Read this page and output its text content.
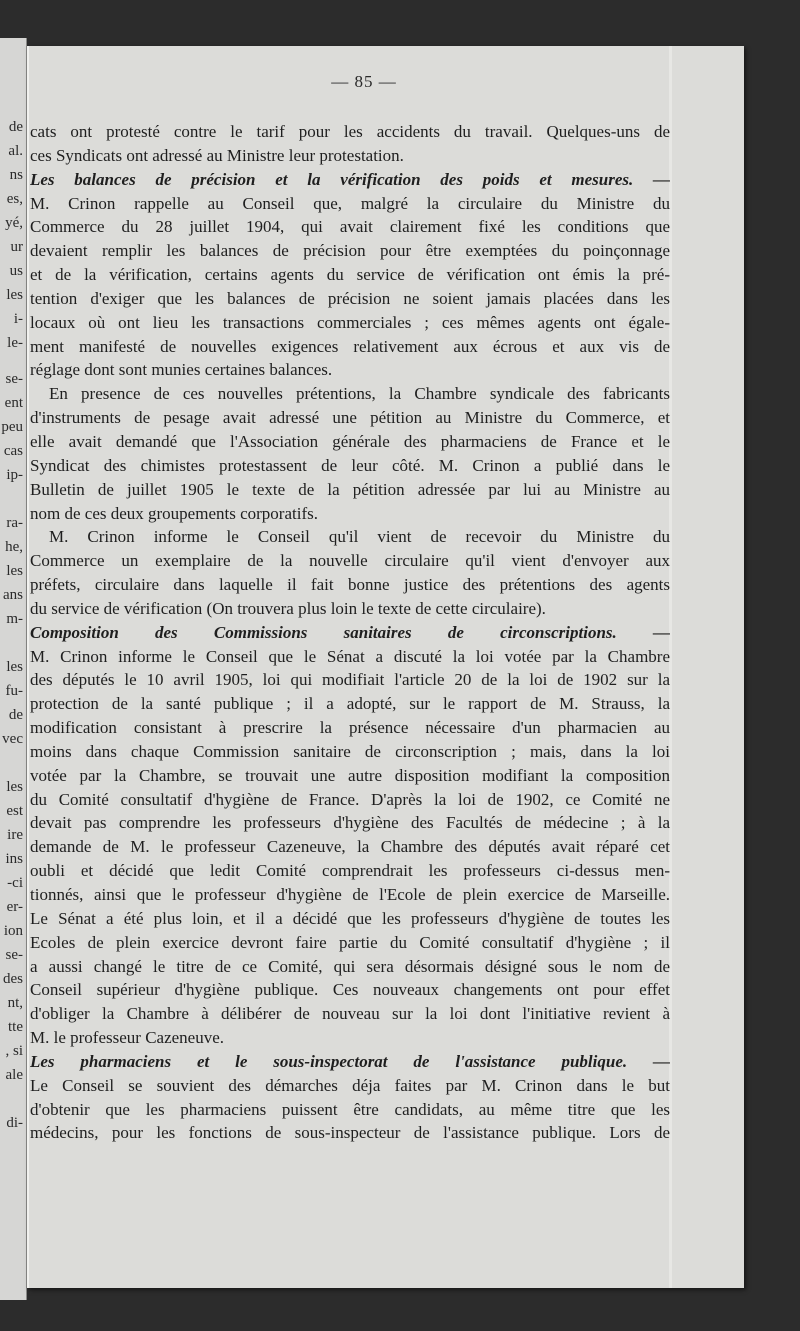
de
al.
ns
es,
yé,
ur
us
les
i-
le-
se-
ent
peu
cas
ip-
ra-
he,
les
ans
m-
les
fu-
de
vec
les
est
ire
ins
-ci
er-
ion
se-
des
nt,
tte
, si
ale
di-
— 85 —
cats ont protesté contre le tarif pour les accidents du travail. Quelques-uns de
ces Syndicats ont adressé au Ministre leur protestation.
Les balances de précision et la vérification des poids et mesures. —
M. Crinon rappelle au Conseil que, malgré la circulaire du Ministre du
Commerce du 28 juillet 1904, qui avait clairement fixé les conditions que
devaient remplir les balances de précision pour être exemptées du poinçonnage
et de la vérification, certains agents du service de vérification ont émis la pré-
tention d'exiger que les balances de précision ne soient jamais placées dans les
locaux où ont lieu les transactions commerciales ; ces mêmes agents ont égale-
ment manifesté de nouvelles exigences relativement aux écrous et aux vis de
réglage dont sont munies certaines balances.
En presence de ces nouvelles prétentions, la Chambre syndicale des fabricants
d'instruments de pesage avait adressé une pétition au Ministre du Commerce, et
elle avait demandé que l'Association générale des pharmaciens de France et le
Syndicat des chimistes protestassent de leur côté. M. Crinon a publié dans le
Bulletin de juillet 1905 le texte de la pétition adressée par lui au Ministre au
nom de ces deux groupements corporatifs.
M. Crinon informe le Conseil qu'il vient de recevoir du Ministre du
Commerce un exemplaire de la nouvelle circulaire qu'il vient d'envoyer aux
préfets, circulaire dans laquelle il fait bonne justice des prétentions des agents
du service de vérification (On trouvera plus loin le texte de cette circulaire).
Composition des Commissions sanitaires de circonscriptions. —
M. Crinon informe le Conseil que le Sénat a discuté la loi votée par la Chambre
des députés le 10 avril 1905, loi qui modifiait l'article 20 de la loi de 1902 sur la
protection de la santé publique ; il a adopté, sur le rapport de M. Strauss, la
modification consistant à prescrire la présence nécessaire d'un pharmacien au
moins dans chaque Commission sanitaire de circonscription ; mais, dans la loi
votée par la Chambre, se trouvait une autre disposition modifiant la composition
du Comité consultatif d'hygiène de France. D'après la loi de 1902, ce Comité ne
devait pas comprendre les professeurs d'hygiène des Facultés de médecine ; à la
demande de M. le professeur Cazeneuve, la Chambre des députés avait réparé cet
oubli et décidé que ledit Comité comprendrait les professeurs ci-dessus men-
tionnés, ainsi que le professeur d'hygiène de l'Ecole de plein exercice de Marseille.
Le Sénat a été plus loin, et il a décidé que les professeurs d'hygiène de toutes les
Ecoles de plein exercice devront faire partie du Comité consultatif d'hygiène ; il
a aussi changé le titre de ce Comité, qui sera désormais désigné sous le nom de
Conseil supérieur d'hygiène publique. Ces nouveaux changements ont pour effet
d'obliger la Chambre à délibérer de nouveau sur la loi dont l'initiative revient à
M. le professeur Cazeneuve.
Les pharmaciens et le sous-inspectorat de l'assistance publique. —
Le Conseil se souvient des démarches déja faites par M. Crinon dans le but
d'obtenir que les pharmaciens puissent être candidats, au même titre que les
médecins, pour les fonctions de sous-inspecteur de l'assistance publique. Lors de
